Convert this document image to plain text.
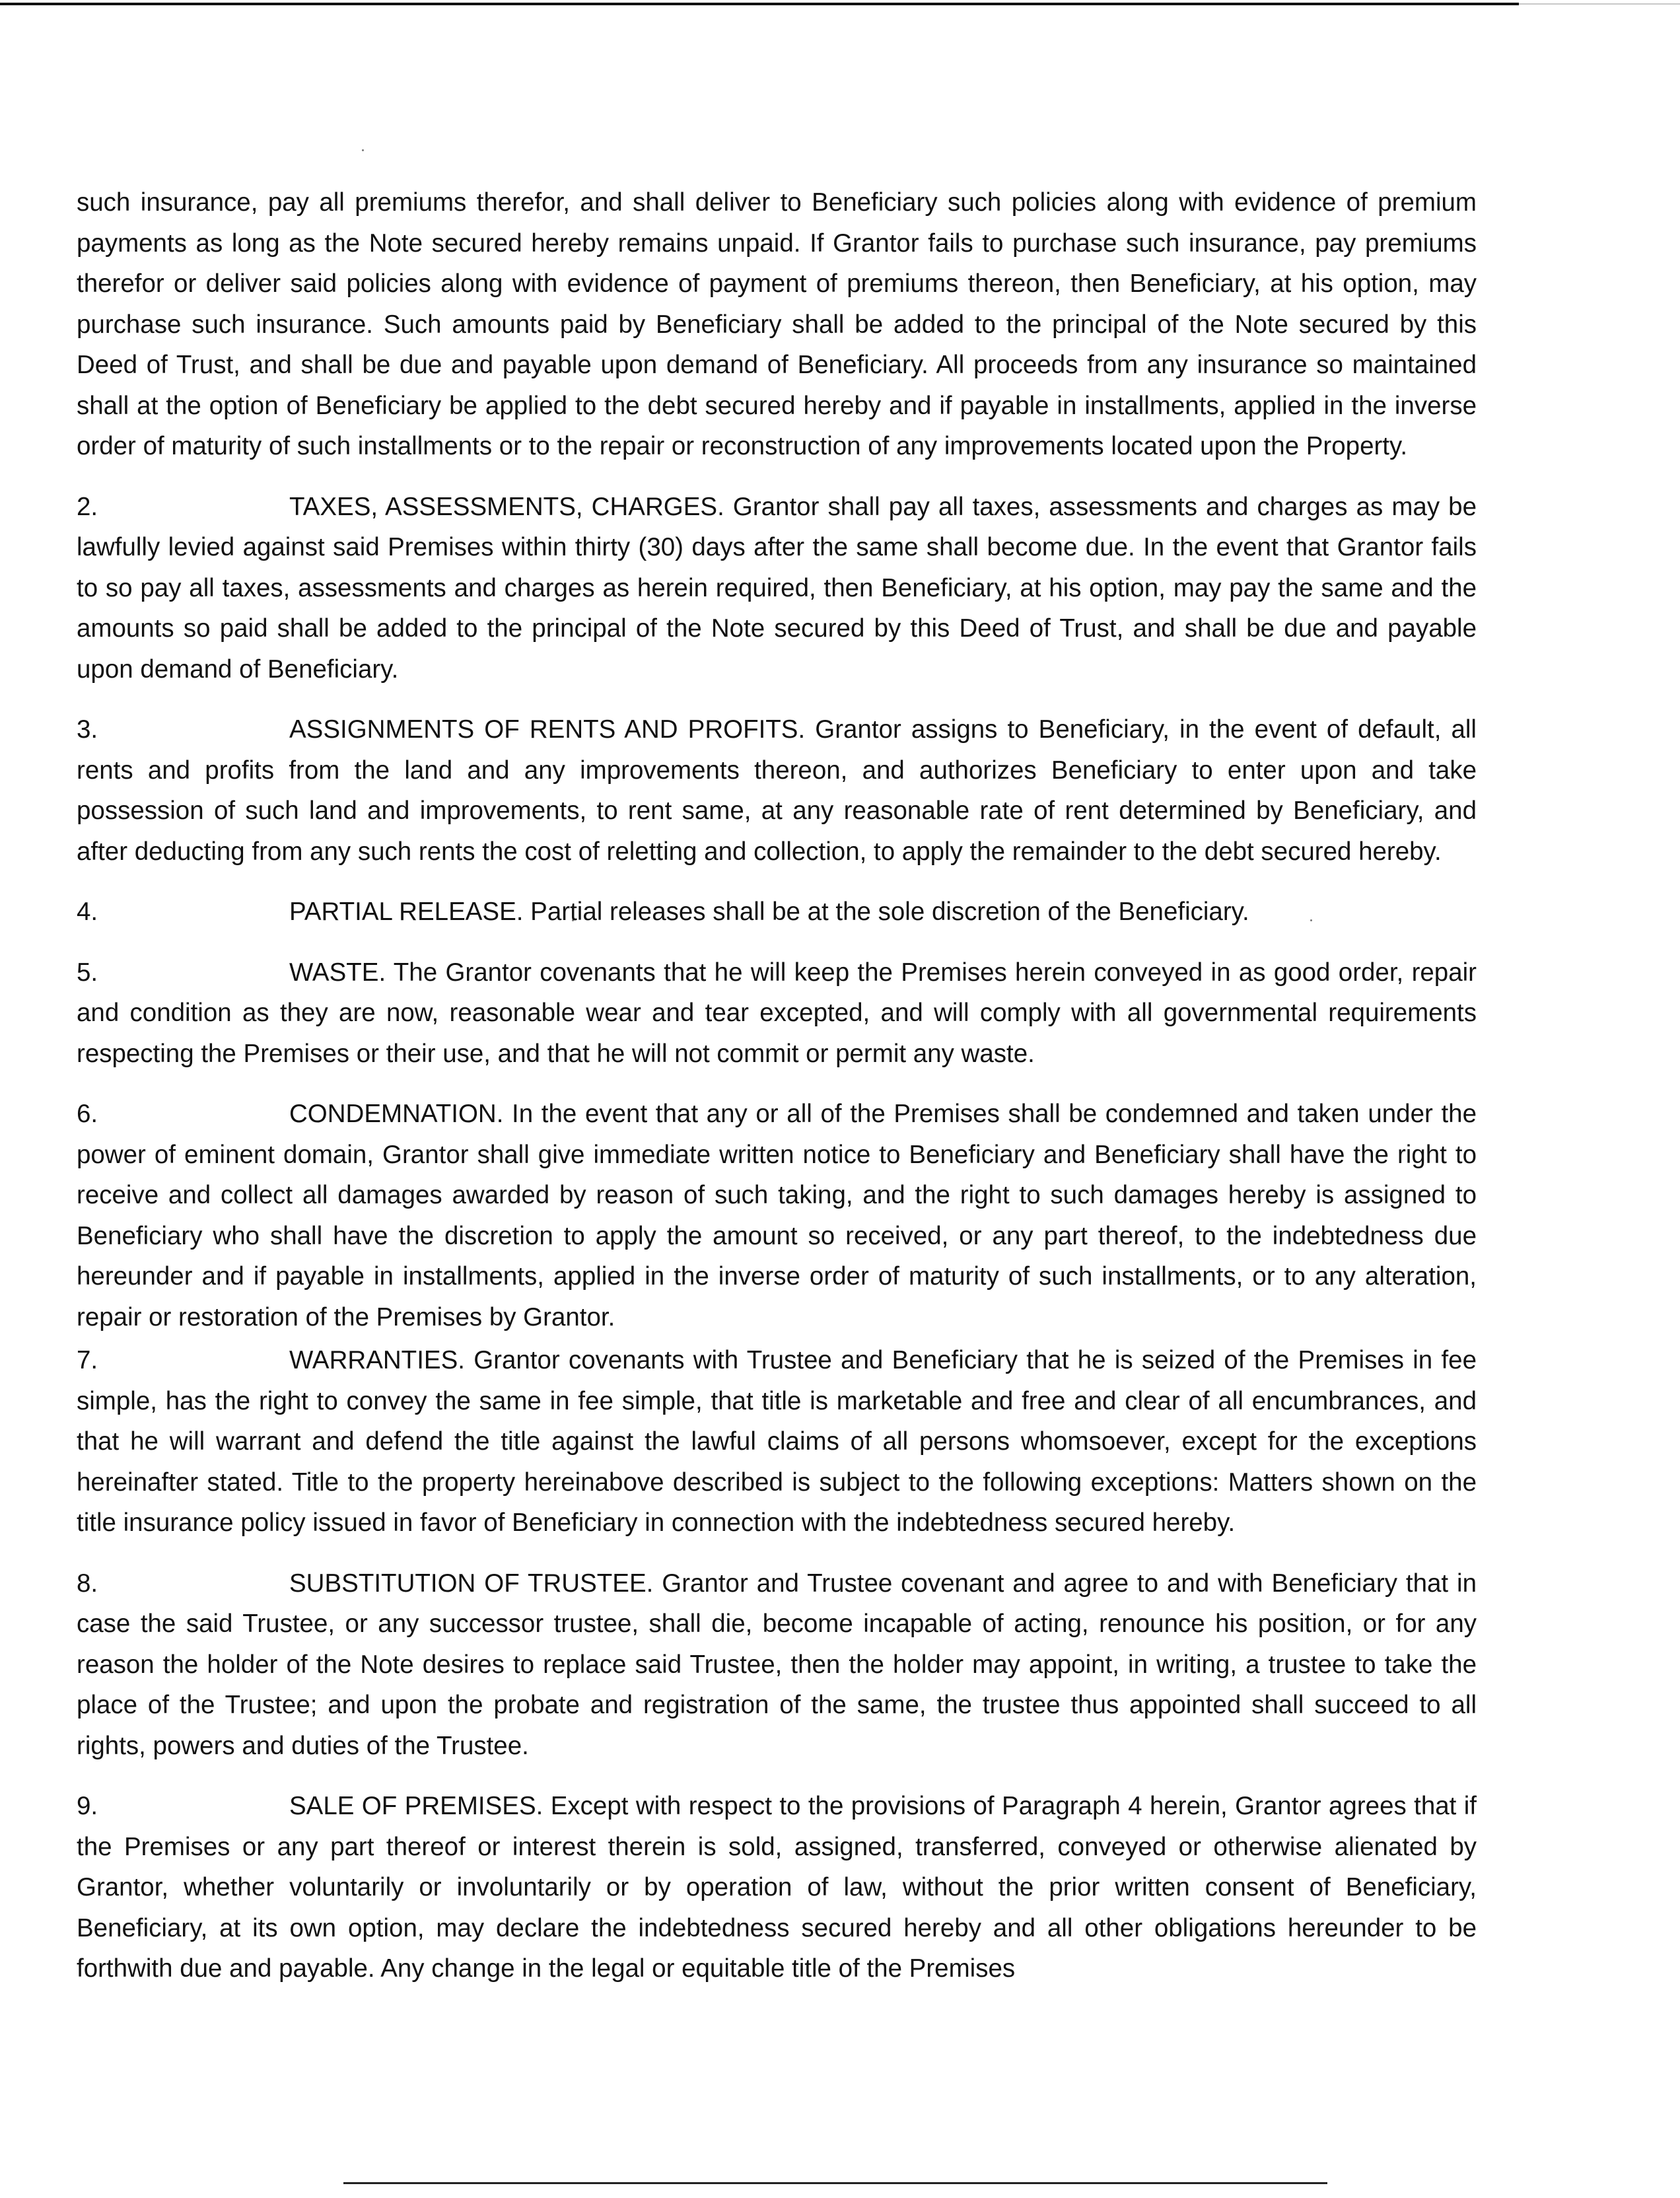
such insurance, pay all premiums therefor, and shall deliver to Beneficiary such policies along with evidence of premium payments as long as the Note secured hereby remains unpaid. If Grantor fails to purchase such insurance, pay premiums therefor or deliver said policies along with evidence of payment of premiums thereon, then Beneficiary, at his option, may purchase such insurance. Such amounts paid by Beneficiary shall be added to the principal of the Note secured by this Deed of Trust, and shall be due and payable upon demand of Beneficiary. All proceeds from any insurance so maintained shall at the option of Beneficiary be applied to the debt secured hereby and if payable in installments, applied in the inverse order of maturity of such installments or to the repair or reconstruction of any improvements located upon the Property.

2.	TAXES, ASSESSMENTS, CHARGES. Grantor shall pay all taxes, assessments and charges as may be lawfully levied against said Premises within thirty (30) days after the same shall become due. In the event that Grantor fails to so pay all taxes, assessments and charges as herein required, then Beneficiary, at his option, may pay the same and the amounts so paid shall be added to the principal of the Note secured by this Deed of Trust, and shall be due and payable upon demand of Beneficiary.

3.	ASSIGNMENTS OF RENTS AND PROFITS. Grantor assigns to Beneficiary, in the event of default, all rents and profits from the land and any improvements thereon, and authorizes Beneficiary to enter upon and take possession of such land and improvements, to rent same, at any reasonable rate of rent determined by Beneficiary, and after deducting from any such rents the cost of reletting and collection, to apply the remainder to the debt secured hereby.

4.	PARTIAL RELEASE. Partial releases shall be at the sole discretion of the Beneficiary.

5.	WASTE. The Grantor covenants that he will keep the Premises herein conveyed in as good order, repair and condition as they are now, reasonable wear and tear excepted, and will comply with all governmental requirements respecting the Premises or their use, and that he will not commit or permit any waste.

6.	CONDEMNATION. In the event that any or all of the Premises shall be condemned and taken under the power of eminent domain, Grantor shall give immediate written notice to Beneficiary and Beneficiary shall have the right to receive and collect all damages awarded by reason of such taking, and the right to such damages hereby is assigned to Beneficiary who shall have the discretion to apply the amount so received, or any part thereof, to the indebtedness due hereunder and if payable in installments, applied in the inverse order of maturity of such installments, or to any alteration, repair or restoration of the Premises by Grantor.

7.	WARRANTIES. Grantor covenants with Trustee and Beneficiary that he is seized of the Premises in fee simple, has the right to convey the same in fee simple, that title is marketable and free and clear of all encumbrances, and that he will warrant and defend the title against the lawful claims of all persons whomsoever, except for the exceptions hereinafter stated. Title to the property hereinabove described is subject to the following exceptions: Matters shown on the title insurance policy issued in favor of Beneficiary in connection with the indebtedness secured hereby.

8.	SUBSTITUTION OF TRUSTEE. Grantor and Trustee covenant and agree to and with Beneficiary that in case the said Trustee, or any successor trustee, shall die, become incapable of acting, renounce his position, or for any reason the holder of the Note desires to replace said Trustee, then the holder may appoint, in writing, a trustee to take the place of the Trustee; and upon the probate and registration of the same, the trustee thus appointed shall succeed to all rights, powers and duties of the Trustee.

9.	SALE OF PREMISES. Except with respect to the provisions of Paragraph 4 herein, Grantor agrees that if the Premises or any part thereof or interest therein is sold, assigned, transferred, conveyed or otherwise alienated by Grantor, whether voluntarily or involuntarily or by operation of law, without the prior written consent of Beneficiary, Beneficiary, at its own option, may declare the indebtedness secured hereby and all other obligations hereunder to be forthwith due and payable. Any change in the legal or equitable title of the Premises
